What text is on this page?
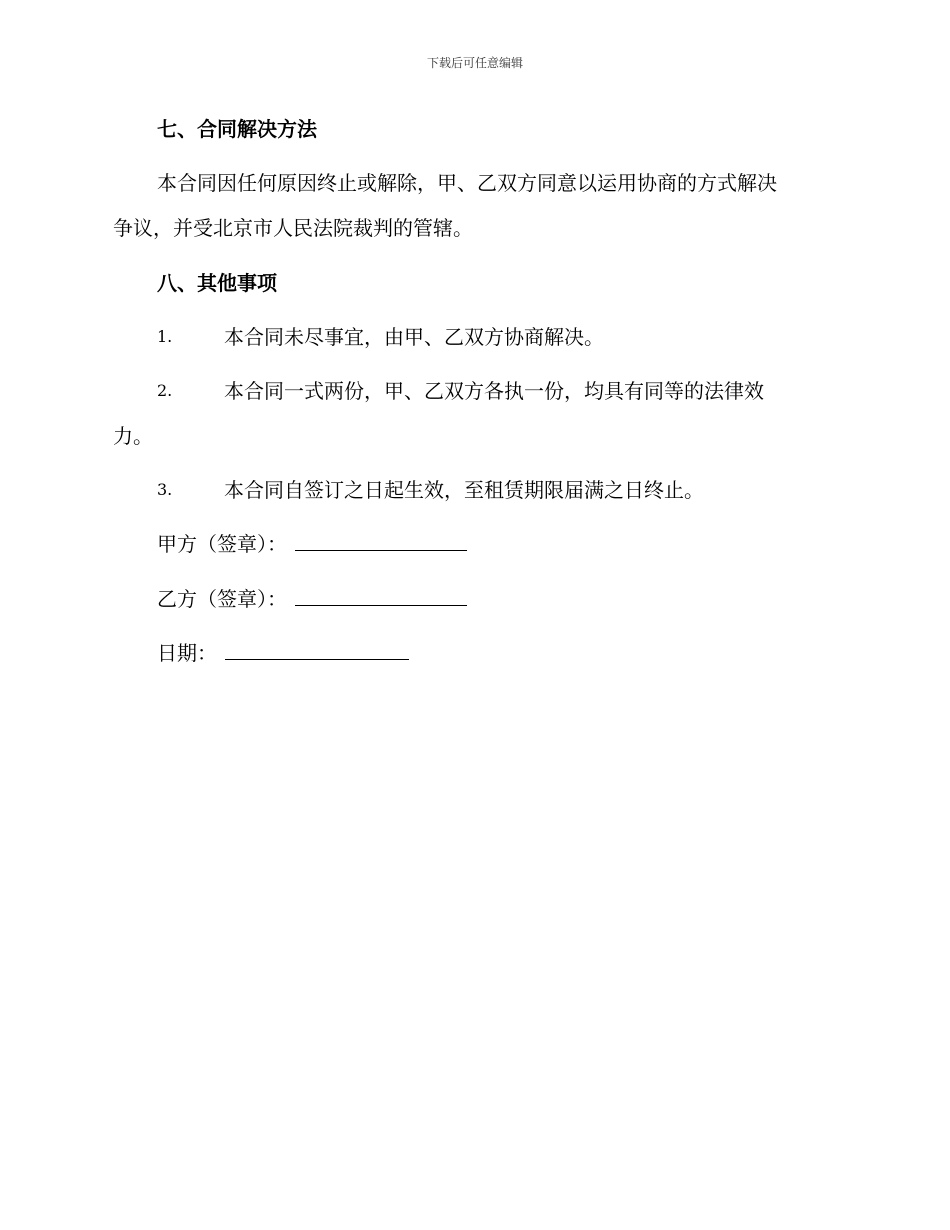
下载后可任意编辑
七、合同解决方法
本合同因任何原因终止或解除，甲、乙双方同意以运用协商的方式解决
争议，并受北京市人民法院裁判的管辖。
八、其他事项
1.	本合同未尽事宜，由甲、乙双方协商解决。
2.	本合同一式两份，甲、乙双方各执一份，均具有同等的法律效
力。
3.	本合同自签订之日起生效，至租赁期限届满之日终止。
甲方（签章）：
乙方（签章）：
日期：
